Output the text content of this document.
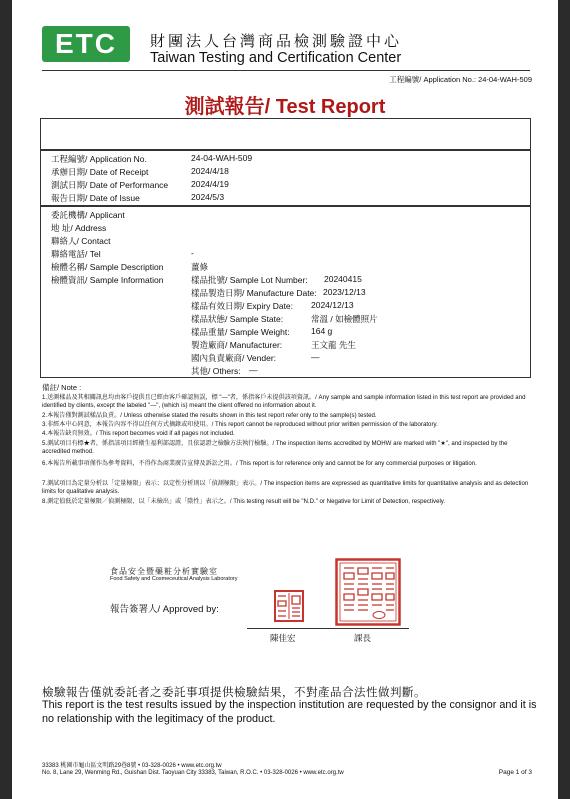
ETC	財團法人台灣商品檢測驗證中心
Taiwan Testing and Certification Center
工程編號/ Application No.: 24-04-WAH-509
測試報告/ Test Report
工程編號/ Application No.	24-04-WAH-509
承辦日期/ Date of Receipt	2024/4/18
測試日期/ Date of Performance	2024/4/19
報告日期/ Date of Issue	2024/5/3
委託機構/ Applicant
地 址/ Address
聯絡人/ Contact
聯絡電話/ Tel	-
檢體名稱/ Sample Description	薑條
檢體資訊/ Sample Information	樣品批號/ Sample Lot Number: 20240415
樣品製造日期/ Manufacture Date: 2023/12/13
樣品有效日期/ Expiry Date: 2024/12/13
樣品狀態/ Sample State:	常溫 / 如檢體照片
樣品重量/ Sample Weight:	164 g
製造廠商/ Manufacturer:	王文龍 先生
國內負責廠商/ Vender:	—
其他/ Others: —
備註/ Note :
1.送測樣品及其相關訊息均由客戶提供且已經由客戶確認無誤，標 "—"者，係指客戶未提供該項資訊。/ Any sample and sample information listed in this test report are provided and identified by clients, except the labeled "—", (which is) meant the client offered no information about it.
2.本報告僅對測試樣品負責。/ Unless otherwise stated the results shown in this test report refer only to the sample(s) tested.
3.非經本中心同意，本報告內容不得以任何方式摘錄或印使用。/ This report cannot be reproduced without prior written permission of the laboratory.
4.本報告缺頁無效。/ This report becomes void if all pages not included.
5.測試項目有標★者，係指該項目經衛生福利部認證，且依認證之檢驗方法執行檢驗。/ The inspection items accredited by MOHW are marked with "★", and inspected by the accredited method.
6.本報告所載事項僅作為參考資料，不得作為商業廣告宣傳及訴訟之用。/ This report is for reference only and cannot be for any commercial purposes or litigation.
7.測試項目為定量分析以「定量極限」表示；以定性分析則以「偵測極限」表示。/ The inspection items are expressed as quantitative limits for quantitative analysis and as detection limits for qualitative analysis.
8.測定值低於定量極限／偵測極限，以「未檢出」或「陰性」表示之。/ This testing result will be "N.D." or Negative for Limit of Detection, respectively.
食品安全暨藥粧分析實驗室
Food Safety and Cosmeceutical Analysis Laboratory
報告簽署人/ Approved by:
陳佳宏	課長
檢驗報告僅就委託者之委託事項提供檢驗結果，不對產品合法性做判斷。
This report is the test results issued by the inspection institution are requested by the consignor and it is no relationship with the legitimacy of the product.
33383 桃園市龜山區文明路29巷8號 • 03-328-0026 • www.etc.org.tw
No. 8, Lane 29, Wenming Rd., Guishan Dist. Taoyuan City 33383, Taiwan, R.O.C. • 03-328-0026 • www.etc.org.tw	Page 1 of 3
